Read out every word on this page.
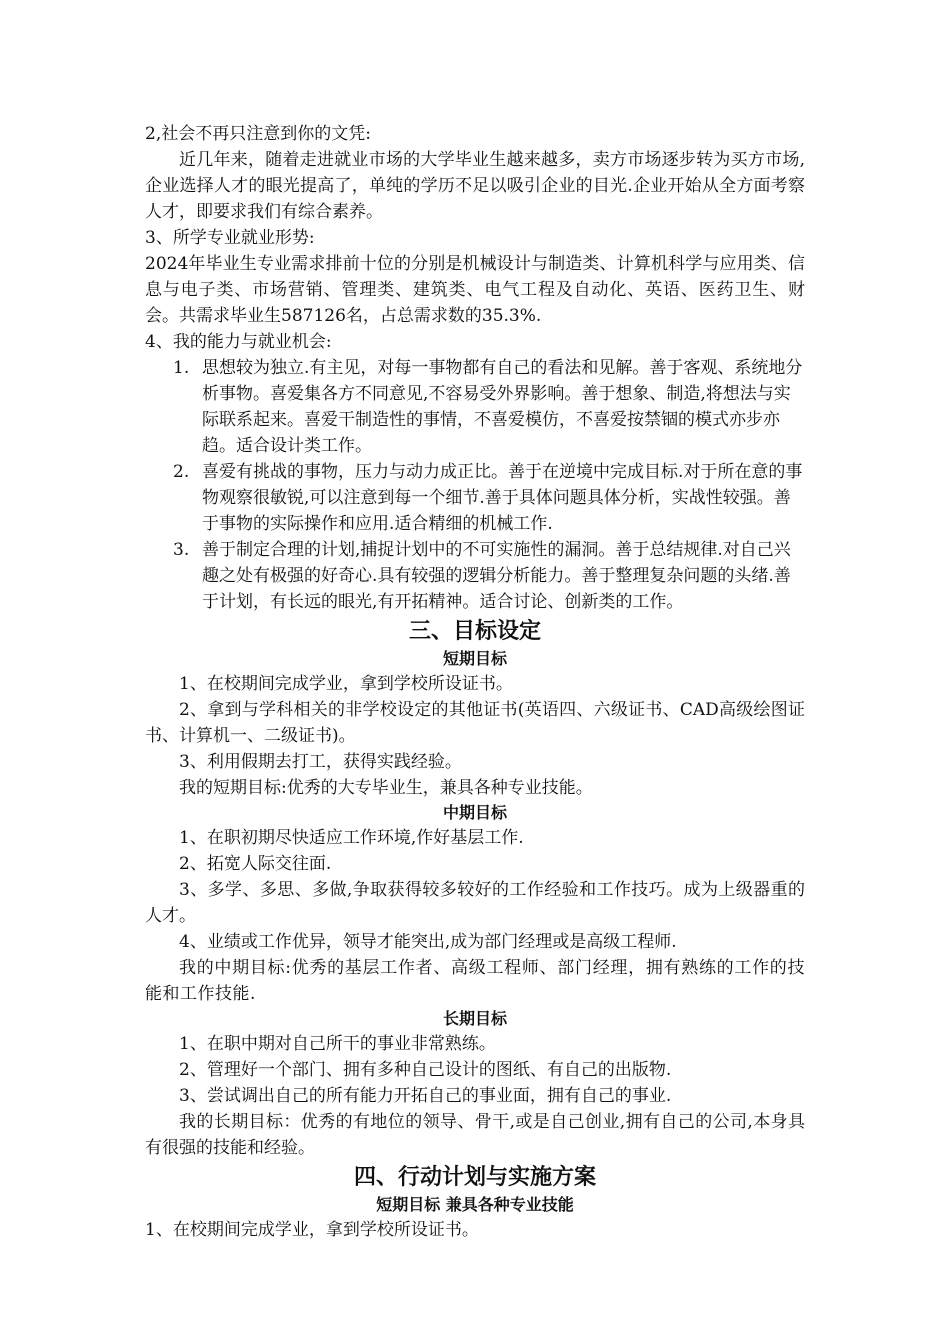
2,社会不再只注意到你的文凭:

近几年来，随着走进就业市场的大学毕业生越来越多，卖方市场逐步转为买方市场,企业选择人才的眼光提高了，单纯的学历不足以吸引企业的目光.企业开始从全方面考察人才，即要求我们有综合素养。

3、所学专业就业形势:

2024年毕业生专业需求排前十位的分别是机械设计与制造类、计算机科学与应用类、信息与电子类、市场营销、管理类、建筑类、电气工程及自动化、英语、医药卫生、财会。共需求毕业生587126名，占总需求数的35.3%.

4、我的能力与就业机会:

1. 思想较为独立.有主见，对每一事物都有自己的看法和见解。善于客观、系统地分析事物。喜爱集各方不同意见,不容易受外界影响。善于想象、制造,将想法与实际联系起来。喜爱干制造性的事情，不喜爱模仿，不喜爱按禁锢的模式亦步亦趋。适合设计类工作。
2. 喜爱有挑战的事物，压力与动力成正比。善于在逆境中完成目标.对于所在意的事物观察很敏锐,可以注意到每一个细节.善于具体问题具体分析，实战性较强。善于事物的实际操作和应用.适合精细的机械工作.
3. 善于制定合理的计划,捕捉计划中的不可实施性的漏洞。善于总结规律.对自己兴趣之处有极强的好奇心.具有较强的逻辑分析能力。善于整理复杂问题的头绪.善于计划，有长远的眼光,有开拓精神。适合讨论、创新类的工作。
三、目标设定
短期目标

1、在校期间完成学业，拿到学校所设证书。

2、拿到与学科相关的非学校设定的其他证书(英语四、六级证书、CAD高级绘图证书、计算机一、二级证书)。

3、利用假期去打工，获得实践经验。

我的短期目标:优秀的大专毕业生，兼具各种专业技能。

中期目标

1、在职初期尽快适应工作环境,作好基层工作.

2、拓宽人际交往面.

3、多学、多思、多做,争取获得较多较好的工作经验和工作技巧。成为上级器重的人才。

4、业绩或工作优异，领导才能突出,成为部门经理或是高级工程师.

我的中期目标:优秀的基层工作者、高级工程师、部门经理，拥有熟练的工作的技能和工作技能.

长期目标

1、在职中期对自己所干的事业非常熟练。

2、管理好一个部门、拥有多种自己设计的图纸、有自己的出版物.

3、尝试调出自己的所有能力开拓自己的事业面，拥有自己的事业.

我的长期目标：优秀的有地位的领导、骨干,或是自己创业,拥有自己的公司,本身具有很强的技能和经验。

四、行动计划与实施方案
短期目标 兼具各种专业技能

1、在校期间完成学业，拿到学校所设证书。
